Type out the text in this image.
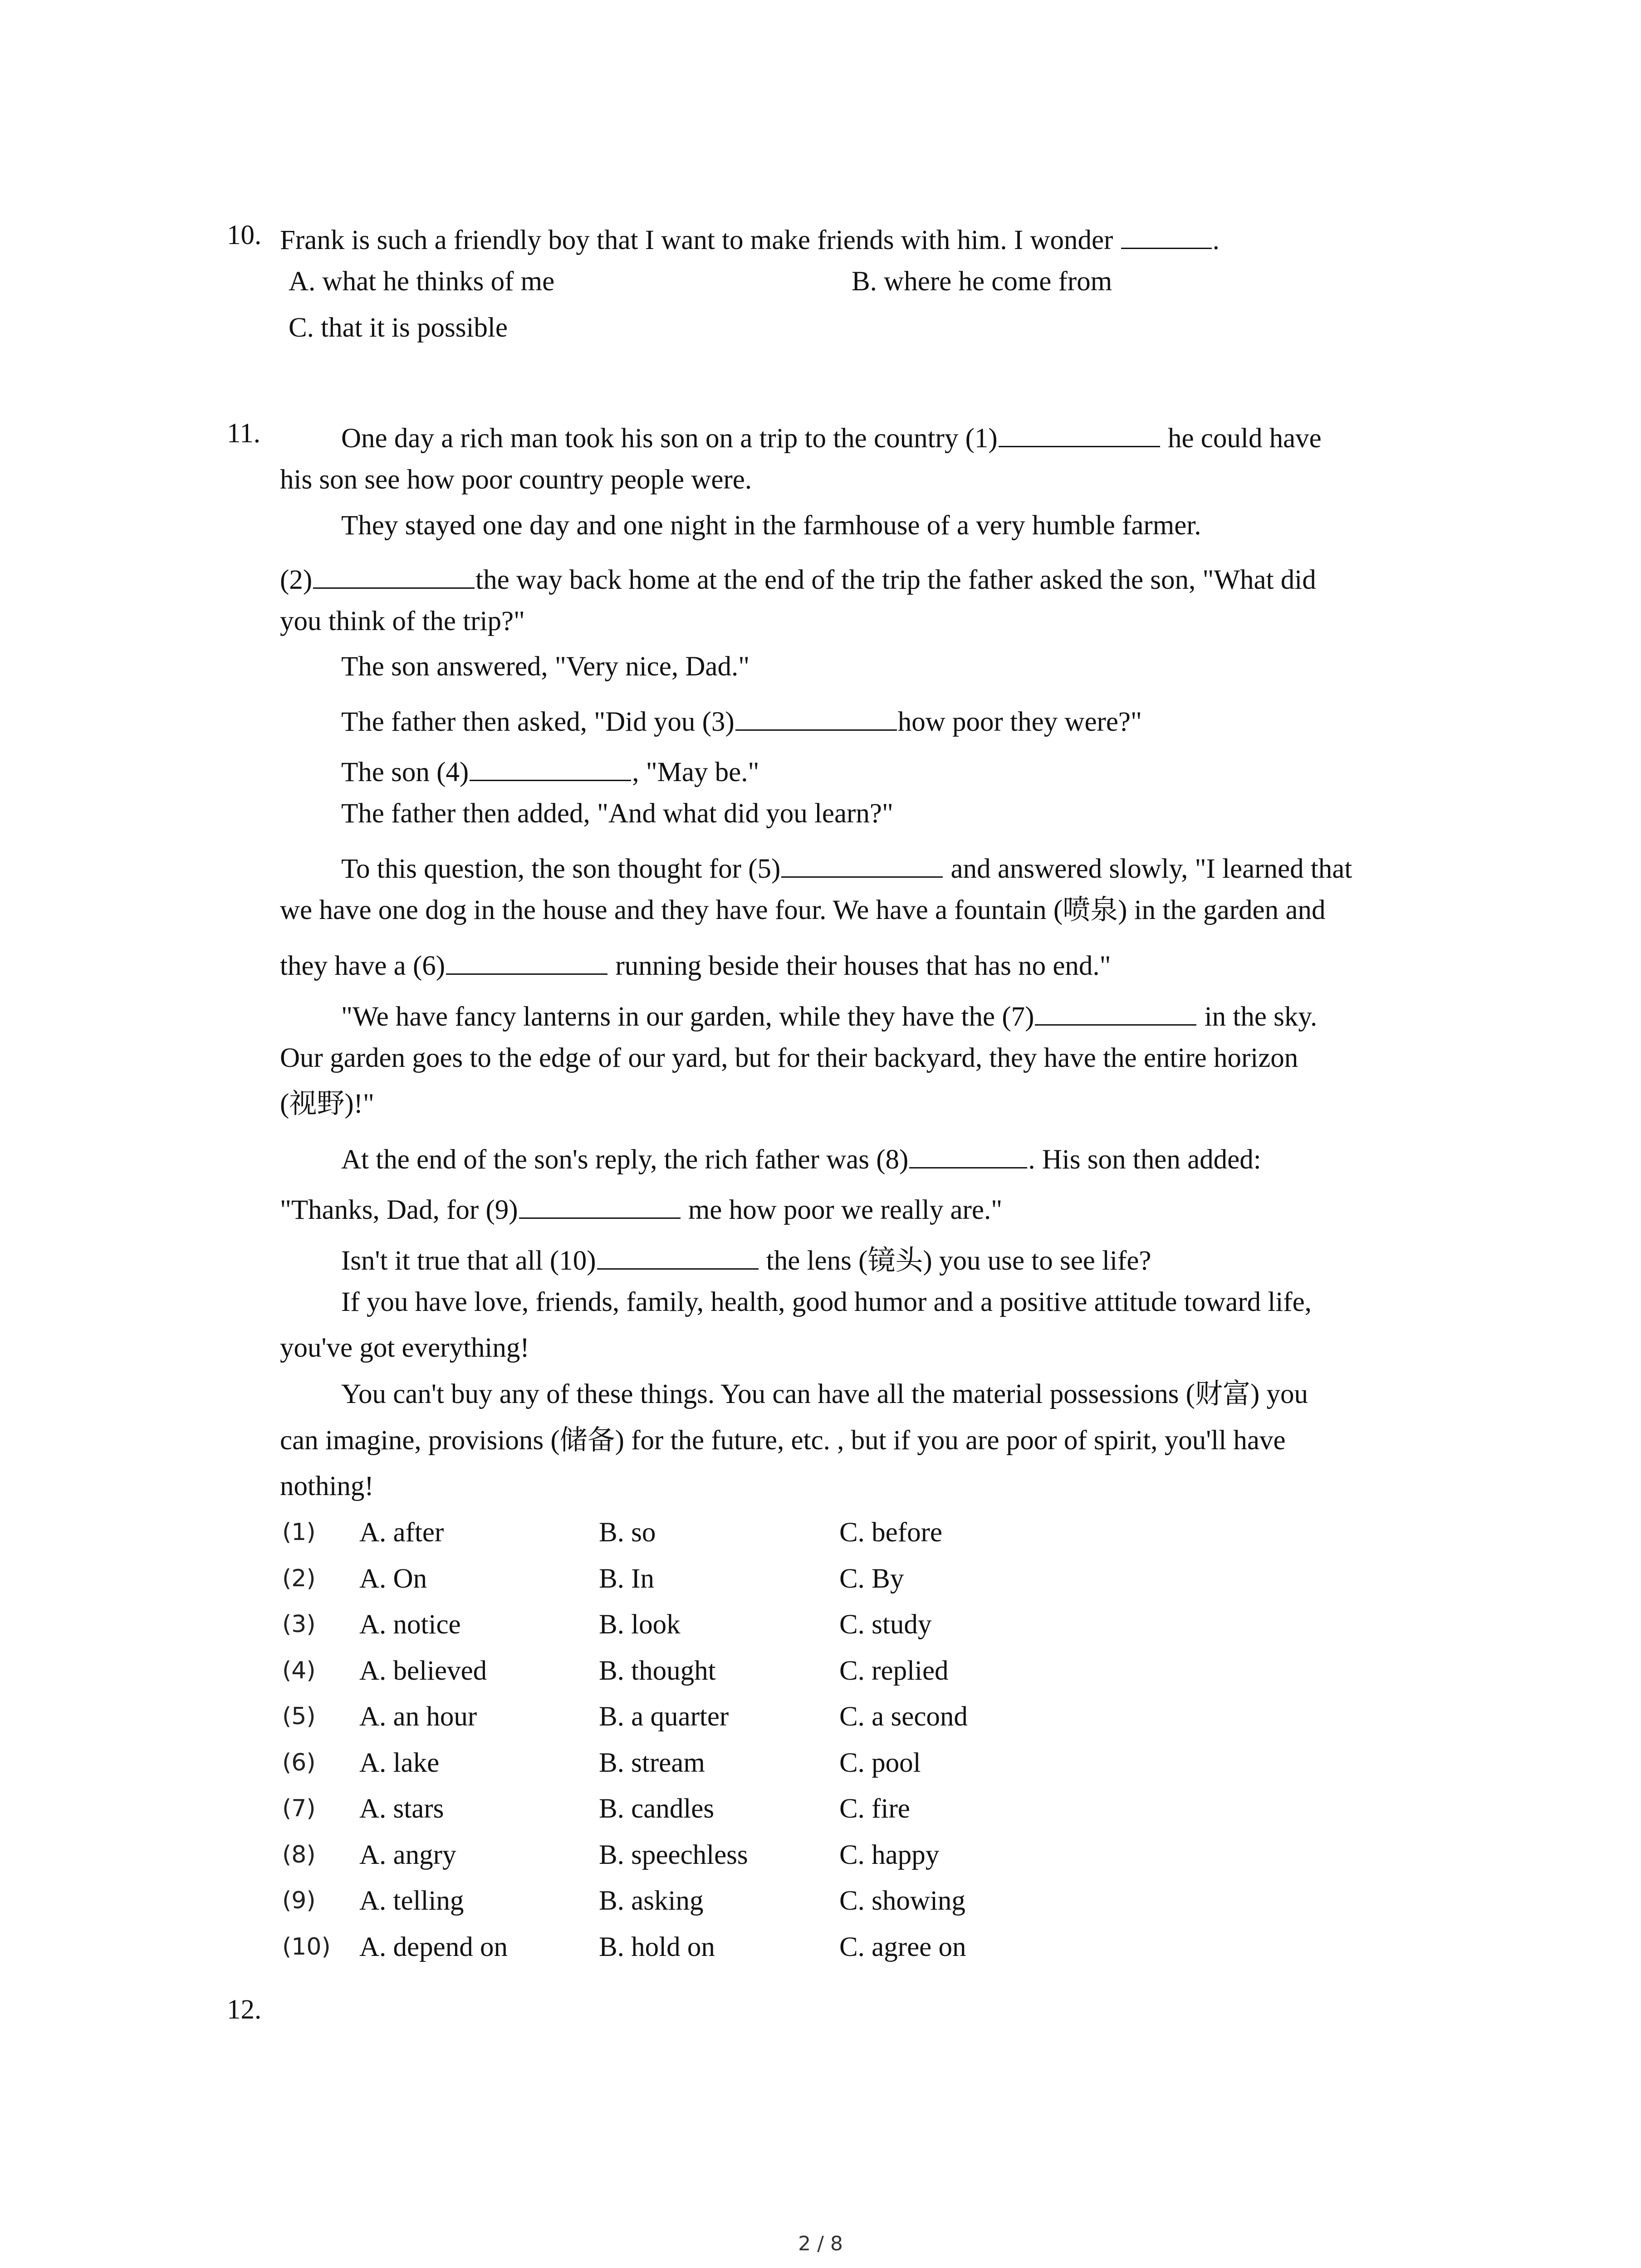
10. Frank is such a friendly boy that I want to make friends with him. I wonder	.
A. what he thinks of me	B. where he come from
C. that it is possible
11.	One day a rich man took his son on a trip to the country (1)	he could have
his son see how poor country people were.
They stayed one day and one night in the farmhouse of a very humble farmer.
(2)	the way back home at the end of the trip the father asked the son, "What did
you think of the trip?"
The son answered, "Very nice, Dad."
The father then asked, "Did you (3)	how poor they were?"
The son (4)	, "May be."
The father then added, "And what did you learn?"
To this question, the son thought for (5)	and answered slowly, "I learned that
we have one dog in the house and they have four. We have a fountain (喷泉) in the garden and
they have a (6)	running beside their houses that has no end."
"We have fancy lanterns in our garden, while they have the (7)	in the sky.
Our garden goes to the edge of our yard, but for their backyard, they have the entire horizon
(视野)!"
At the end of the son's reply, the rich father was (8)	. His son then added:
"Thanks, Dad, for (9)	me how poor we really are."
Isn't it true that all (10)	the lens (镜头) you use to see life?
If you have love, friends, family, health, good humor and a positive attitude toward life,
you've got everything!
You can't buy any of these things. You can have all the material possessions (财富) you
can imagine, provisions (储备) for the future, etc. , but if you are poor of spirit, you'll have
nothing!
(1) A. after	B. so	C. before
(2) A. On	B. In	C. By
(3) A. notice	B. look	C. study
(4) A. believed	B. thought	C. replied
(5) A. an hour	B. a quarter	C. a second
(6) A. lake	B. stream	C. pool
(7) A. stars	B. candles	C. fire
(8) A. angry	B. speechless	C. happy
(9) A. telling	B. asking	C. showing
(10) A. depend on	B. hold on	C. agree on
12.
2 / 8
